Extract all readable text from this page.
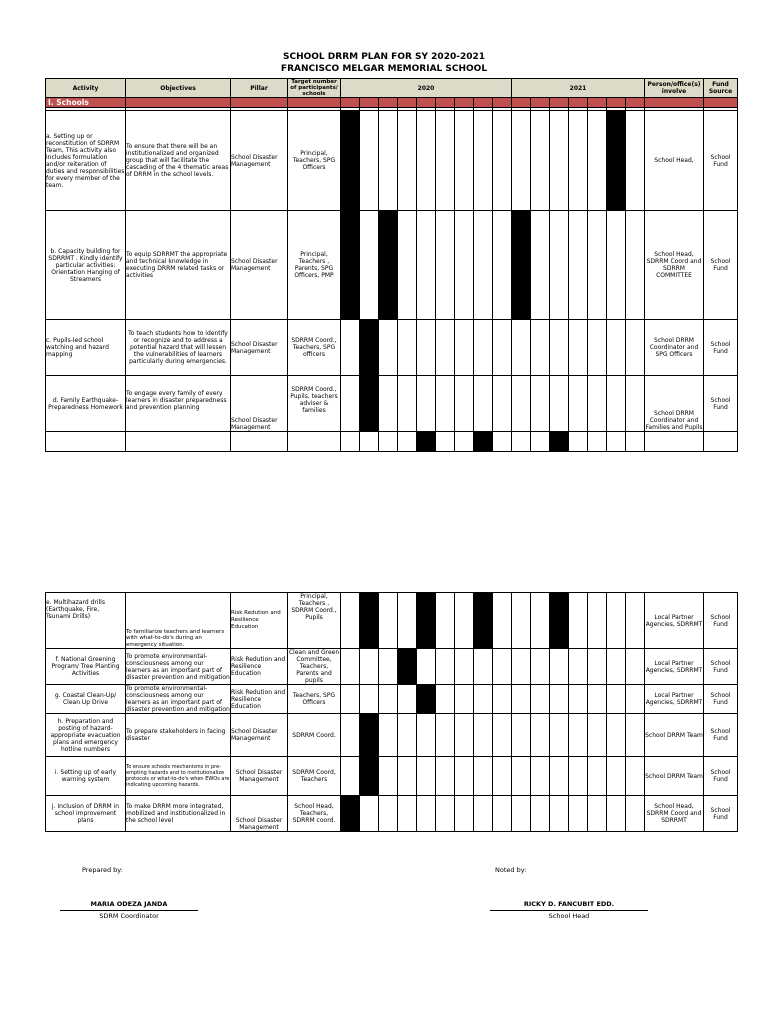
SCHOOL DRRM PLAN FOR SY 2020-2021
FRANCISCO MELGAR MEMORIAL SCHOOL
Activity	Objectives	Pillar	Target number of participants/ schools	2020									2021							Person/office(s) involve	Fund Source
I. Schools																					

a. Setting up or reconstitution of SDRRM Team, This activity also includes formulation and/or reiteration of duties and responsibilities for every member of the team.	To ensure that there will be an institutionalized and organized group that will facilitate the cascading of the 4 thematic areas of DRRM in the school levels.	School Disaster Management	Principal, Teachers, SPG Officers																	School Head,	School Fund
b. Capacity building for SDRRMT . Kindly identify particular activities: Orientation Hanging of Streamers	To equip SDRRMT the appropriate and technical knowledge in executing DRRM related tasks or activities	School Disaster Management	Principal, Teachers , Parents, SPG Officers, PMP																	School Head, SDRRM Coord and SDRRM COMMITTEE	School Fund
c. Pupils-led school watching and hazard mapping	To teach students how to identify or recognize and to address a potential hazard that will lessen the vulnerabilities of learners particularly during emergencies.	School Disaster Management	SDRRM Coord., Teachers, SPG officers																	School DRRM Coordinator and SPG Officers	School Fund
d. Family Earthquake-Preparedness Homework	To engage every family of every learners in disaster preparedness and prevention planning	School Disaster Management	SDRRM Coord., Pupils, teachers adviser & families																	School DRRM Coordinator and Families and Pupils	School Fund

e. Multihazard drills (Earthquake, Fire, Tsunami Drills)	To familiarize teachers and learners with what-to-do's during an emergency situation.	Risk Redution and Resilience Education	Principal, Teachers , SDRRM Coord., Pupils																	Local Partner Agencies, SDRRMT	School Fund
f. National Greening Program/ Tree Planting Activities	To promote environmental-consciousness among our learners as an important part of disaster prevention and mitigation	Risk Redution and Resilience Education	Clean and Green Committee, Teachers, Parents and pupils																	Local Partner Agencies, SDRRMT	School Fund
g. Coastal Clean-Up/ Clean Up Drive	To promote environmental-consciousness among our learners as an important part of disaster prevention and mitigation	Risk Redution and Resilience Education	Teachers, SPG Officers																	Local Partner Agencies, SDRRMT	School Fund
h. Preparation and posting of hazard-appropriate evacuation plans and emergency hotline numbers	To prepare stakeholders in facing disaster	School Disaster Management	SDRRM Coord.																	School DRRM Team	School Fund
i. Setting up of early warning system	To ensure schools mechanisms in pre-empting hazards and to institutionalize protocols or what-to-do's when EWOs are indicating upcoming hazards.	School Disaster Management	SDRRM Coord, Teachers																	School DRRM Team	School Fund
j. Inclusion of DRRM in school improvement plans	To make DRRM more integrated, mobilized and institutionalized in the school level	School Disaster Management	School Head, Teachers, SDRRM coord.																	School Head, SDRRM Coord and SDRRMT	School Fund
Prepared by:
MARIA ODEZA JANDA
SDRM Coordinator
Noted by:
RICKY D. FANCUBIT EDD.
School Head
